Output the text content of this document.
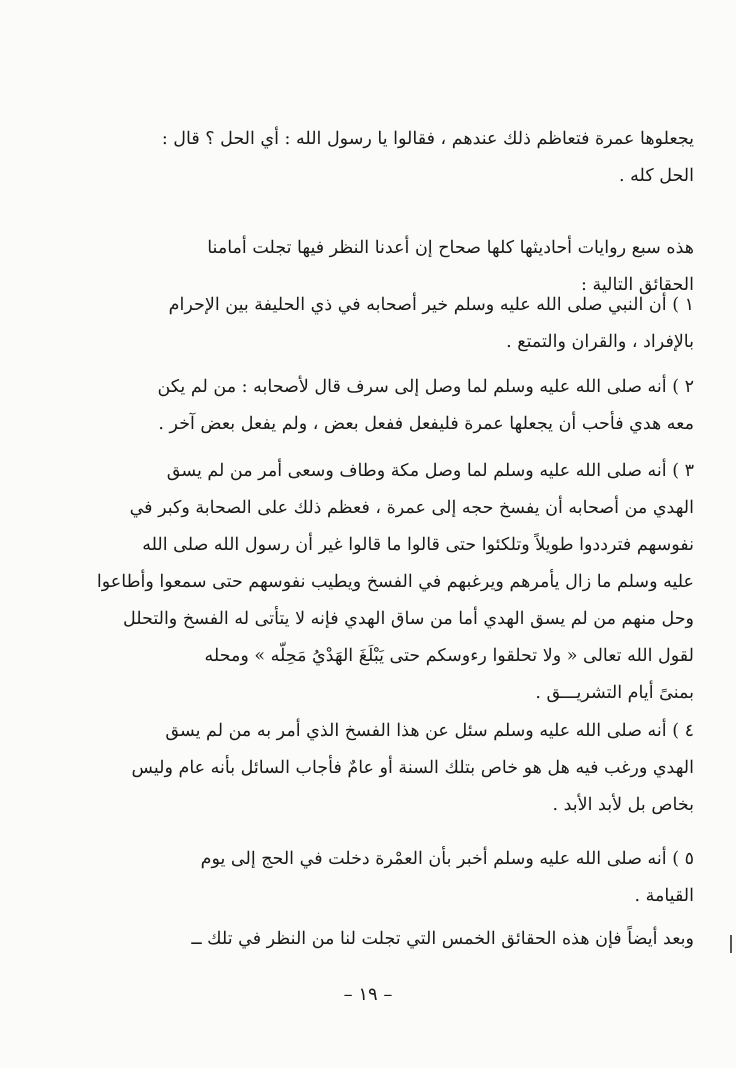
يجعلوها عمرة فتعاظم ذلك عندهم ، فقالوا يا رسول الله : أي الحل ؟ قال :

الحل كله .

هذه سبع روايات أحاديثها كلها صحاح إن أعدنا النظر فيها تجلت أمامنا

الحقائق التالية :

١ ) أن النبي صلى الله عليه وسلم خير أصحابه في ذي الحليفة بين الإحرام

بالإفراد ، والقران والتمتع .

٢ ) أنه صلى الله عليه وسلم لما وصل إلى سرف قال لأصحابه : من لم يكن

معه هدي فأحب أن يجعلها عمرة فليفعل ففعل بعض ، ولم يفعل بعض آخر .

٣ ) أنه صلى الله عليه وسلم لما وصل مكة وطاف وسعى أمر من لم يسق

الهدي من أصحابه أن يفسخ حجه إلى عمرة ، فعظم ذلك على الصحابة وكبر في

نفوسهم فترددوا طويلاً وتلكئوا حتى قالوا ما قالوا غير أن رسول الله صلى الله

عليه وسلم ما زال يأمرهم ويرغبهم في الفسخ ويطيب نفوسهم حتى سمعوا وأطاعوا

وحل منهم من لم يسق الهدي أما من ساق الهدي فإنه لا يتأتى له الفسخ والتحلل

لقول الله تعالى « ولا تحلقوا رءوسكم حتى يَبْلَغَ الهَدْيُ مَحِلّه » ومحله

بمنىً أيام التشريـــق .

٤ ) أنه صلى الله عليه وسلم سئل عن هذا الفسخ الذي أمر به من لم يسق

الهدي ورغب فيه هل هو خاص بتلك السنة أو عامٌ فأجاب السائل بأنه عام وليس

بخاص بل لأبد الأبد .

٥ ) أنه صلى الله عليه وسلم أخبر بأن العمْرة دخلت في الحج إلى يوم

القيامة .

وبعد أيضاً فإن هذه الحقائق الخمس التي تجلت لنا من النظر في تلك ــ

– ١٩ –
